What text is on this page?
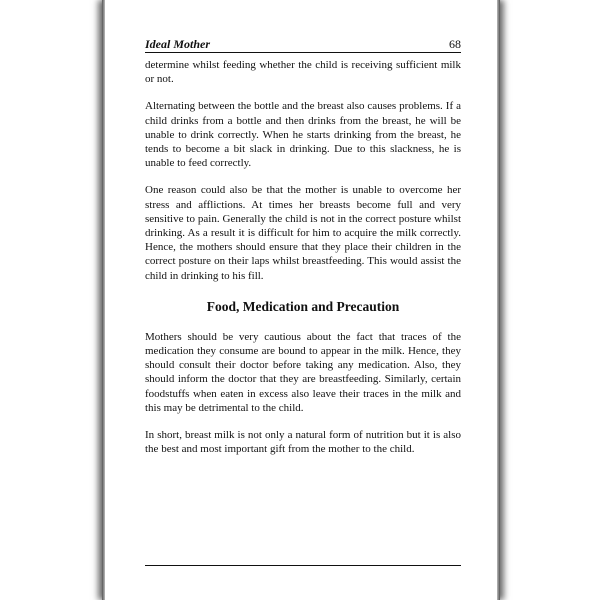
Ideal Mother	68

determine whilst feeding whether the child is receiving sufficient milk or not.

Alternating between the bottle and the breast also causes problems. If a child drinks from a bottle and then drinks from the breast, he will be unable to drink correctly. When he starts drinking from the breast, he tends to become a bit slack in drinking. Due to this slackness, he is unable to feed correctly.

One reason could also be that the mother is unable to overcome her stress and afflictions. At times her breasts become full and very sensitive to pain. Generally the child is not in the correct posture whilst drinking. As a result it is difficult for him to acquire the milk correctly. Hence, the mothers should ensure that they place their children in the correct posture on their laps whilst breastfeeding. This would assist the child in drinking to his fill.

Food, Medication and Precaution

Mothers should be very cautious about the fact that traces of the medication they consume are bound to appear in the milk. Hence, they should consult their doctor before taking any medication. Also, they should inform the doctor that they are breastfeeding. Similarly, certain foodstuffs when eaten in excess also leave their traces in the milk and this may be detrimental to the child.

In short, breast milk is not only a natural form of nutrition but it is also the best and most important gift from the mother to the child.
